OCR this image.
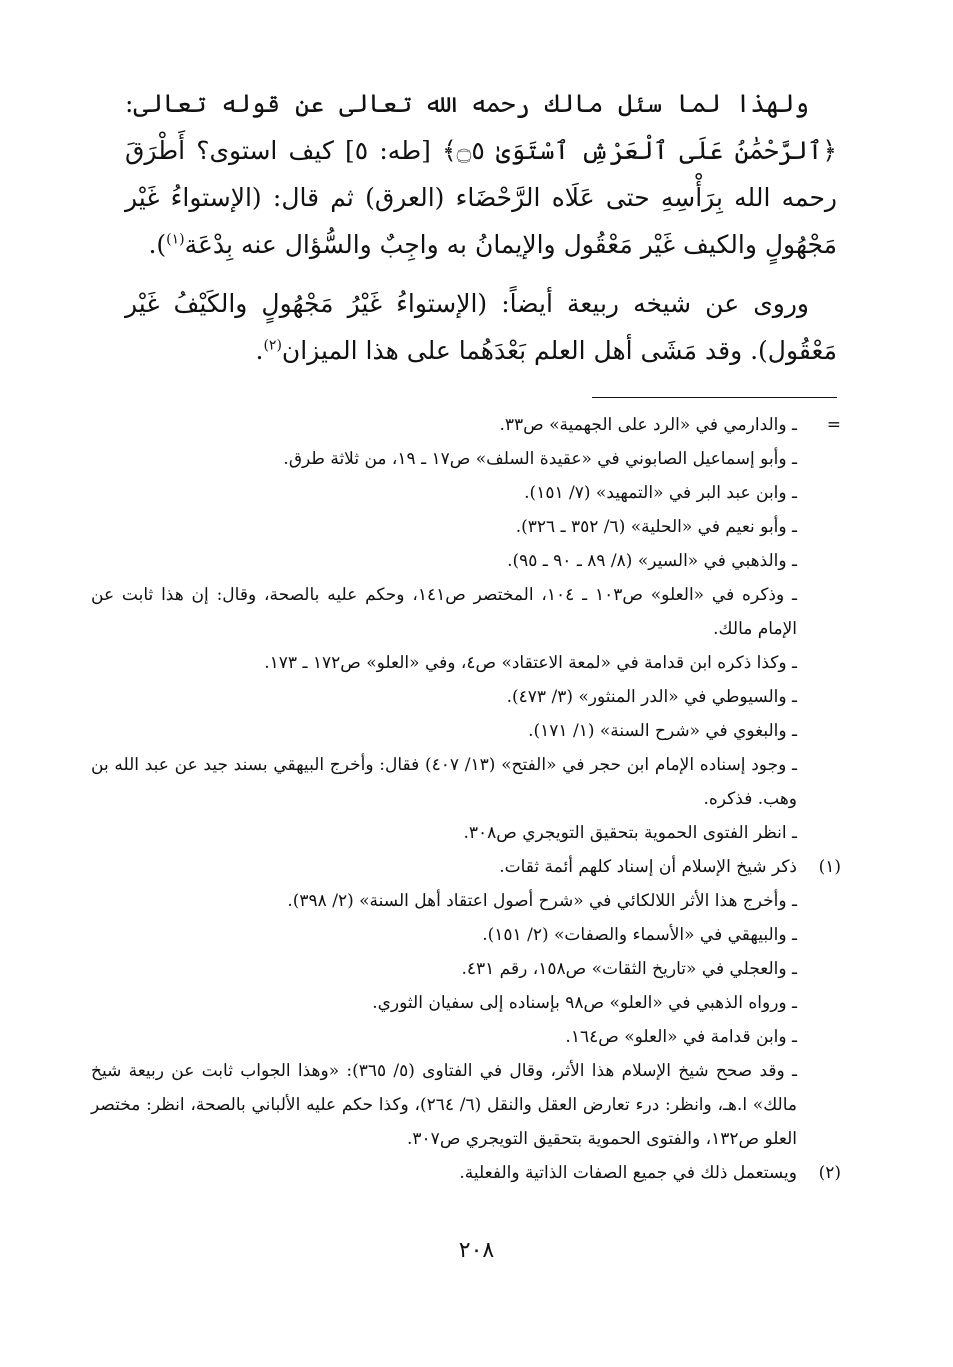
ولهذا لما سئل مالك رحمه الله تعالى عن قوله تعالى: ﴿ٱلرَّحْمَٰنُ عَلَى ٱلْعَرْشِ ٱسْتَوَىٰ ۝٥﴾ [طه: ٥] كيف استوى؟ أَطْرَقَ رحمه الله بِرَأْسِهِ حتى عَلَاه الرَّحْضَاء (العرق) ثم قال: (الإستواءُ غَيْر مَجْهُولٍ والكيف غَيْر مَعْقُول والإيمانُ به واجِبٌ والسُّؤال عنه بِدْعَة$^{(١)}$).

وروى عن شيخه ربيعة أيضاً: (الإستواءُ غَيْرُ مَجْهُولٍ والكَيْفُ غَيْر مَعْقُول). وقد مَشَى أهل العلم بَعْدَهُما على هذا الميزان$^{(٢)}$.

=
ـ والدارمي في «الرد على الجهمية» ص٣٣.

ـ وأبو إسماعيل الصابوني في «عقيدة السلف» ص١٧ ـ ١٩، من ثلاثة طرق.

ـ وابن عبد البر في «التمهيد» (٧/ ١٥١).

ـ وأبو نعيم في «الحلية» (٦/ ٣٥٢ ـ ٣٢٦).

ـ والذهبي في «السير» (٨/ ٨٩ ـ ٩٠ ـ ٩٥).

ـ وذكره في «العلو» ص١٠٣ ـ ١٠٤، المختصر ص١٤١، وحكم عليه بالصحة، وقال: إن هذا ثابت عن الإمام مالك.

ـ وكذا ذكره ابن قدامة في «لمعة الاعتقاد» ص٤، وفي «العلو» ص١٧٢ ـ ١٧٣.

ـ والسيوطي في «الدر المنثور» (٣/ ٤٧٣).

ـ والبغوي في «شرح السنة» (١/ ١٧١).

ـ وجود إسناده الإمام ابن حجر في «الفتح» (١٣/ ٤٠٧) فقال: وأخرج البيهقي بسند جيد عن عبد الله بن وهب. فذكره.

ـ انظر الفتوى الحموية بتحقيق التويجري ص٣٠٨.

(١)
ذكر شيخ الإسلام أن إسناد كلهم أئمة ثقات.

ـ وأخرج هذا الأثر اللالكائي في «شرح أصول اعتقاد أهل السنة» (٢/ ٣٩٨).

ـ والبيهقي في «الأسماء والصفات» (٢/ ١٥١).

ـ والعجلي في «تاريخ الثقات» ص١٥٨، رقم ٤٣١.

ـ ورواه الذهبي في «العلو» ص٩٨ بإسناده إلى سفيان الثوري.

ـ وابن قدامة في «العلو» ص١٦٤.

ـ وقد صحح شيخ الإسلام هذا الأثر، وقال في الفتاوى (٥/ ٣٦٥): «وهذا الجواب ثابت عن ربيعة شيخ مالك» ا.هـ، وانظر: درء تعارض العقل والنقل (٦/ ٢٦٤)، وكذا حكم عليه الألباني بالصحة، انظر: مختصر العلو ص١٣٢، والفتوى الحموية بتحقيق التويجري ص٣٠٧.

(٢)
ويستعمل ذلك في جميع الصفات الذاتية والفعلية.

٢٠٨
